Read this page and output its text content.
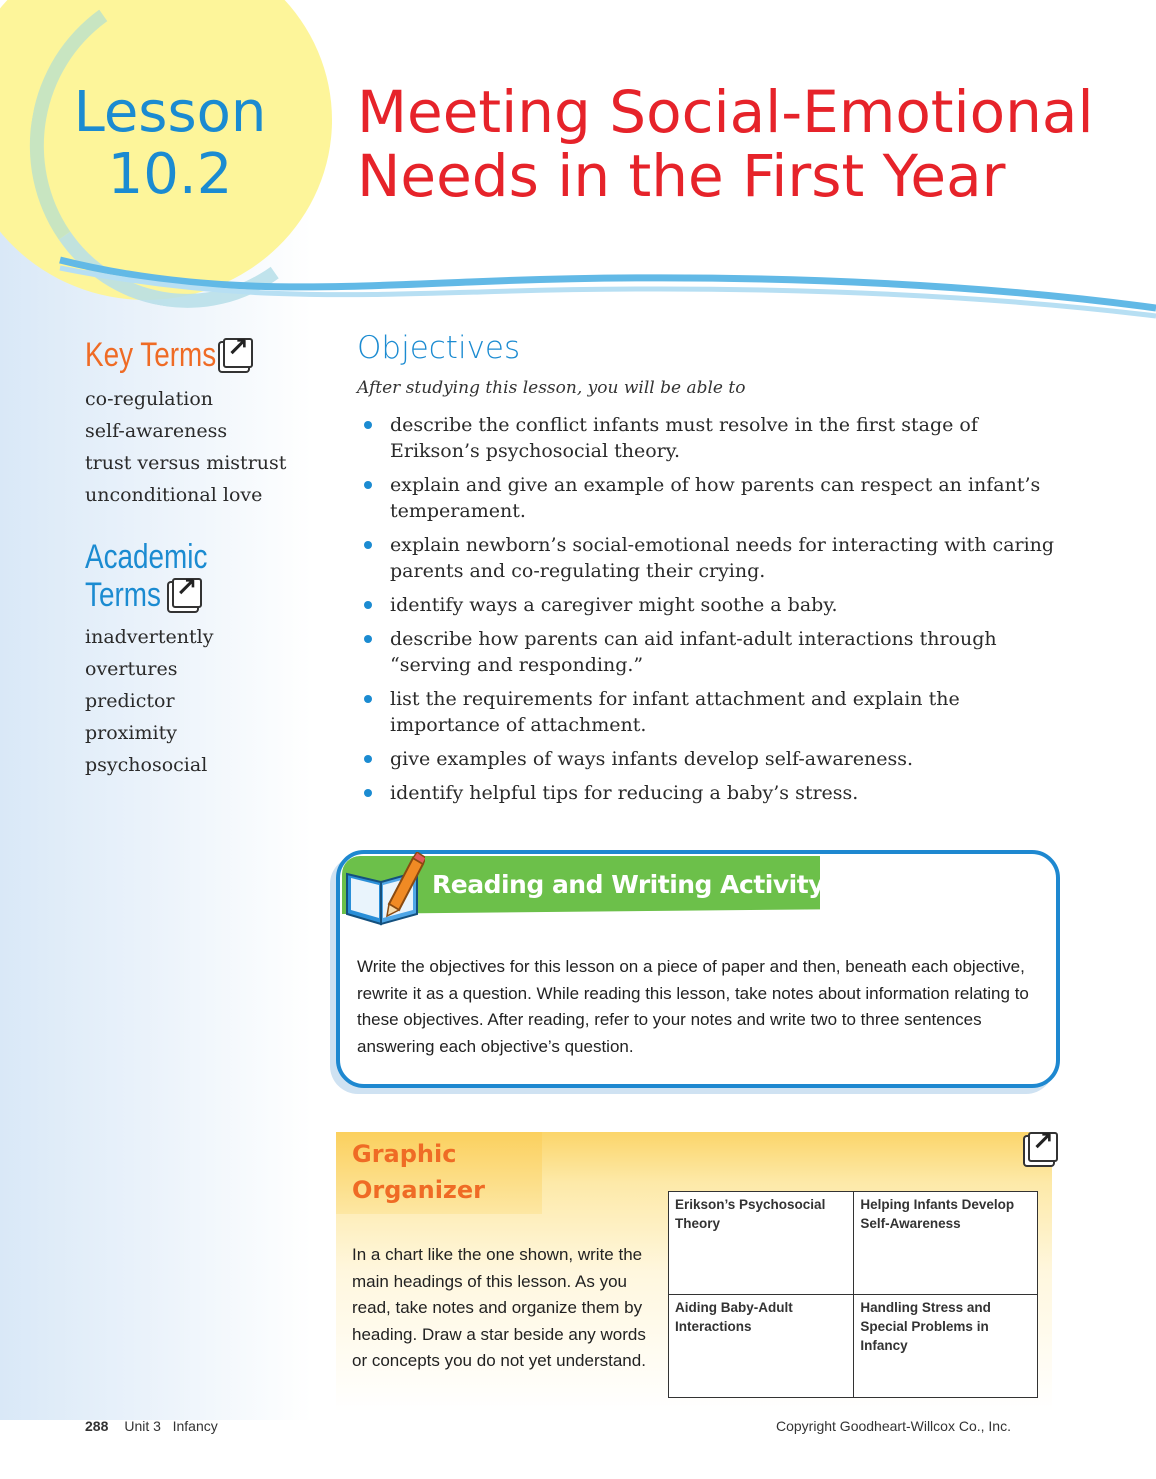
Lesson
10.2
Meeting Social-Emotional
Needs in the First Year
Key Terms↗
co-regulation
self-awareness
trust versus mistrust
unconditional love
Academic
Terms↗
inadvertently
overtures
predictor
proximity
psychosocial
Objectives
After studying this lesson, you will be able to
describe the conflict infants must resolve in the first stage of Erikson’s psychosocial theory.
explain and give an example of how parents can respect an infant’s temperament.
explain newborn’s social-emotional needs for interacting with caring parents and co-regulating their crying.
identify ways a caregiver might soothe a baby.
describe how parents can aid infant-adult interactions through “serving and responding.”
list the requirements for infant attachment and explain the importance of attachment.
give examples of ways infants develop self-awareness.
identify helpful tips for reducing a baby’s stress.
Reading and Writing Activity
Write the objectives for this lesson on a piece of paper and then, beneath each objective, rewrite it as a question. While reading this lesson, take notes about information relating to these objectives. After reading, refer to your notes and write two to three sentences answering each objective’s question.
Graphic
Organizer
↗
In a chart like the one shown, write the main headings of this lesson. As you read, take notes and organize them by heading. Draw a star beside any words or concepts you do not yet understand.
Erikson’s Psychosocial Theory	Helping Infants Develop Self-Awareness
Aiding Baby-Adult Interactions	Handling Stress and Special Problems in Infancy
288 Unit 3   Infancy	Copyright Goodheart-Willcox Co., Inc.
